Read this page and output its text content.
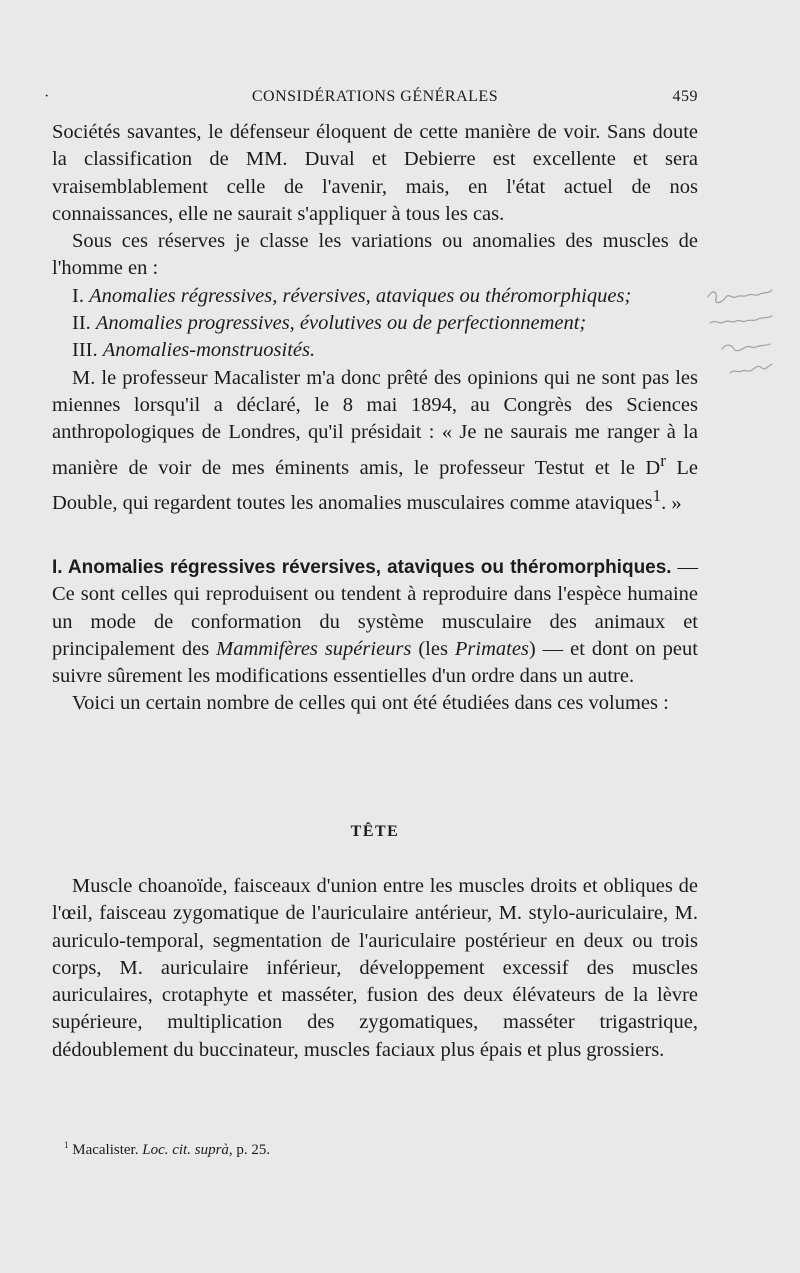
·	CONSIDÉRATIONS GÉNÉRALES	459

Sociétés savantes, le défenseur éloquent de cette manière de voir. Sans doute la classification de MM. Duval et Debierre est excellente et sera vraisemblablement celle de l'avenir, mais, en l'état actuel de nos connaissances, elle ne saurait s'appliquer à tous les cas.

Sous ces réserves je classe les variations ou anomalies des muscles de l'homme en :

I. Anomalies régressives, réversives, ataviques ou théromorphiques;

II. Anomalies progressives, évolutives ou de perfectionnement;

III. Anomalies-monstruosités.

M. le professeur Macalister m'a donc prêté des opinions qui ne sont pas les miennes lorsqu'il a déclaré, le 8 mai 1894, au Congrès des Sciences anthropologiques de Londres, qu'il présidait : « Je ne saurais me ranger à la manière de voir de mes éminents amis, le professeur Testut et le $D^r$ Le Double, qui regardent toutes les anomalies musculaires comme ataviques$^1$. »

I. Anomalies régressives réversives, ataviques ou théromorphiques. — Ce sont celles qui reproduisent ou tendent à reproduire dans l'espèce humaine un mode de conformation du système musculaire des animaux et principalement des Mammifères supérieurs (les Primates) — et dont on peut suivre sûrement les modifications essentielles d'un ordre dans un autre.

Voici un certain nombre de celles qui ont été étudiées dans ces volumes :

TÊTE

Muscle choanoïde, faisceaux d'union entre les muscles droits et obliques de l'œil, faisceau zygomatique de l'auriculaire antérieur, M. stylo-auriculaire, M. auriculo-temporal, segmentation de l'auriculaire postérieur en deux ou trois corps, M. auriculaire inférieur, développement excessif des muscles auriculaires, crotaphyte et masséter, fusion des deux élévateurs de la lèvre supérieure, multiplication des zygomatiques, masséter trigastrique, dédoublement du buccinateur, muscles faciaux plus épais et plus grossiers.

$^1$ Macalister. Loc. cit. suprà, p. 25.
